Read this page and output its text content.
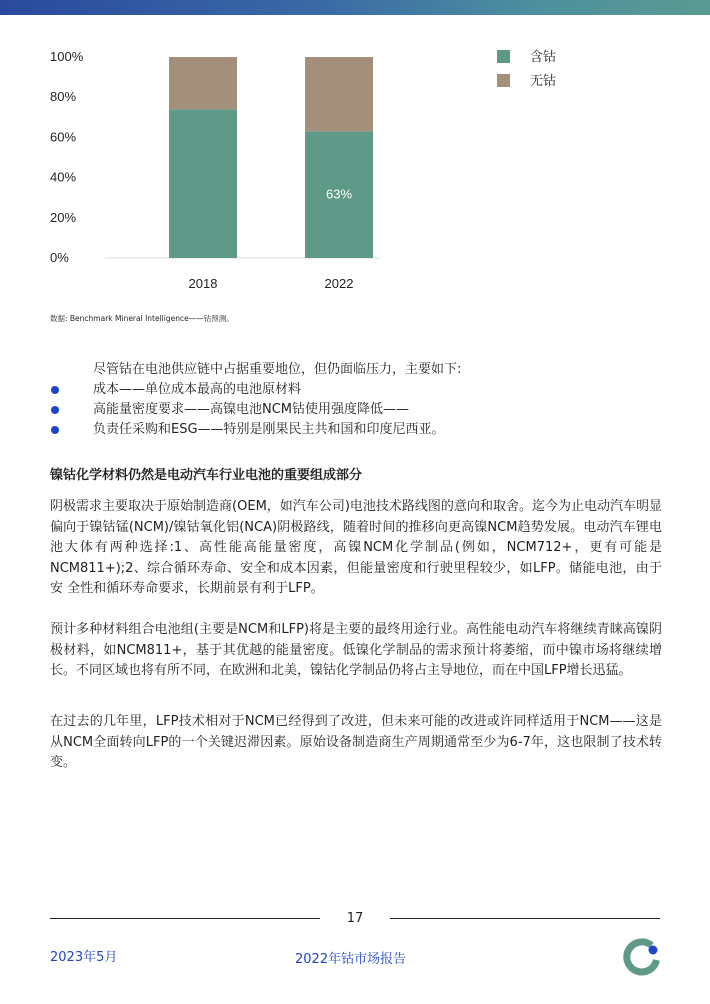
0%
20%
40%
60%
80%
100%
63%
2018	2022
含钴
无钴
数据: Benchmark Mineral Intelligence——钴预测。
尽管钴在电池供应链中占据重要地位，但仍面临压力，主要如下:
成本——单位成本最高的电池原材料
高能量密度要求——高镍电池NCM钴使用强度降低——
负责任采购和ESG——特别是刚果民主共和国和印度尼西亚。
镍钴化学材料仍然是电动汽车行业电池的重要组成部分

阴极需求主要取决于原始制造商(OEM，如汽车公司)电池技术路线图的意向和取舍。迄今为止电动汽车明显偏向于镍钴锰(NCM)/镍钴氧化铝(NCA)阴极路线，随着时间的推移向更高镍NCM趋势发展。电动汽车锂电池大体有两种选择:1、高性能高能量密度，高镍NCM化学制品(例如，NCM712+，更有可能是 NCM811+);2、综合循环寿命、安全和成本因素，但能量密度和行驶里程较少，如LFP。储能电池，由于安 全性和循环寿命要求，长期前景有利于LFP。

预计多种材料组合电池组(主要是NCM和LFP)将是主要的最终用途行业。高性能电动汽车将继续青睐高镍阴　极材料，如NCM811+，基于其优越的能量密度。低镍化学制品的需求预计将萎缩，而中镍市场将继续增长。不同区域也将有所不同，在欧洲和北美，镍钴化学制品仍将占主导地位，而在中国LFP增长迅猛。

在过去的几年里，LFP技术相对于NCM已经得到了改进，但未来可能的改进或许同样适用于NCM——这是从NCM全面转向LFP的一个关键迟滞因素。原始设备制造商生产周期通常至少为6-7年，这也限制了技术转变。

17
2023年5月	2022年钴市场报告
